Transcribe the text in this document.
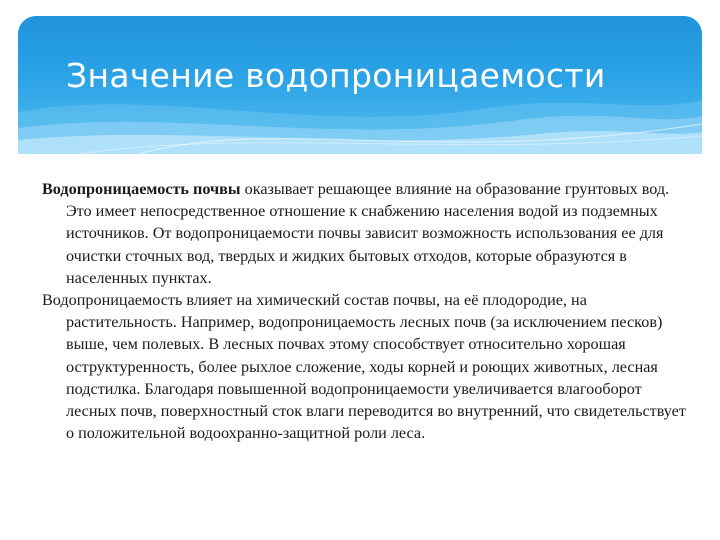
Значение водопроницаемости

Водопроницаемость почвы оказывает решающее влияние на образование грунтовых вод. Это имеет непосредственное отношение к снабжению населения водой из подземных источников. От водопроницаемости почвы зависит возможность использования ее для очистки сточных вод, твердых и жидких бытовых отходов, которые образуются в населенных пунктах.

Водопроницаемость влияет на химический состав почвы, на её плодородие, на растительность. Например, водопроницаемость лесных почв (за исключением песков) выше, чем полевых. В лесных почвах этому способствует относительно хорошая оструктуренность, более рыхлое сложение, ходы корней и роющих животных, лесная подстилка. Благодаря повышенной водопроницаемости увеличивается влагооборот лесных почв, поверхностный сток влаги переводится во внутренний, что свидетельствует о положительной водоохранно-защитной роли леса.
